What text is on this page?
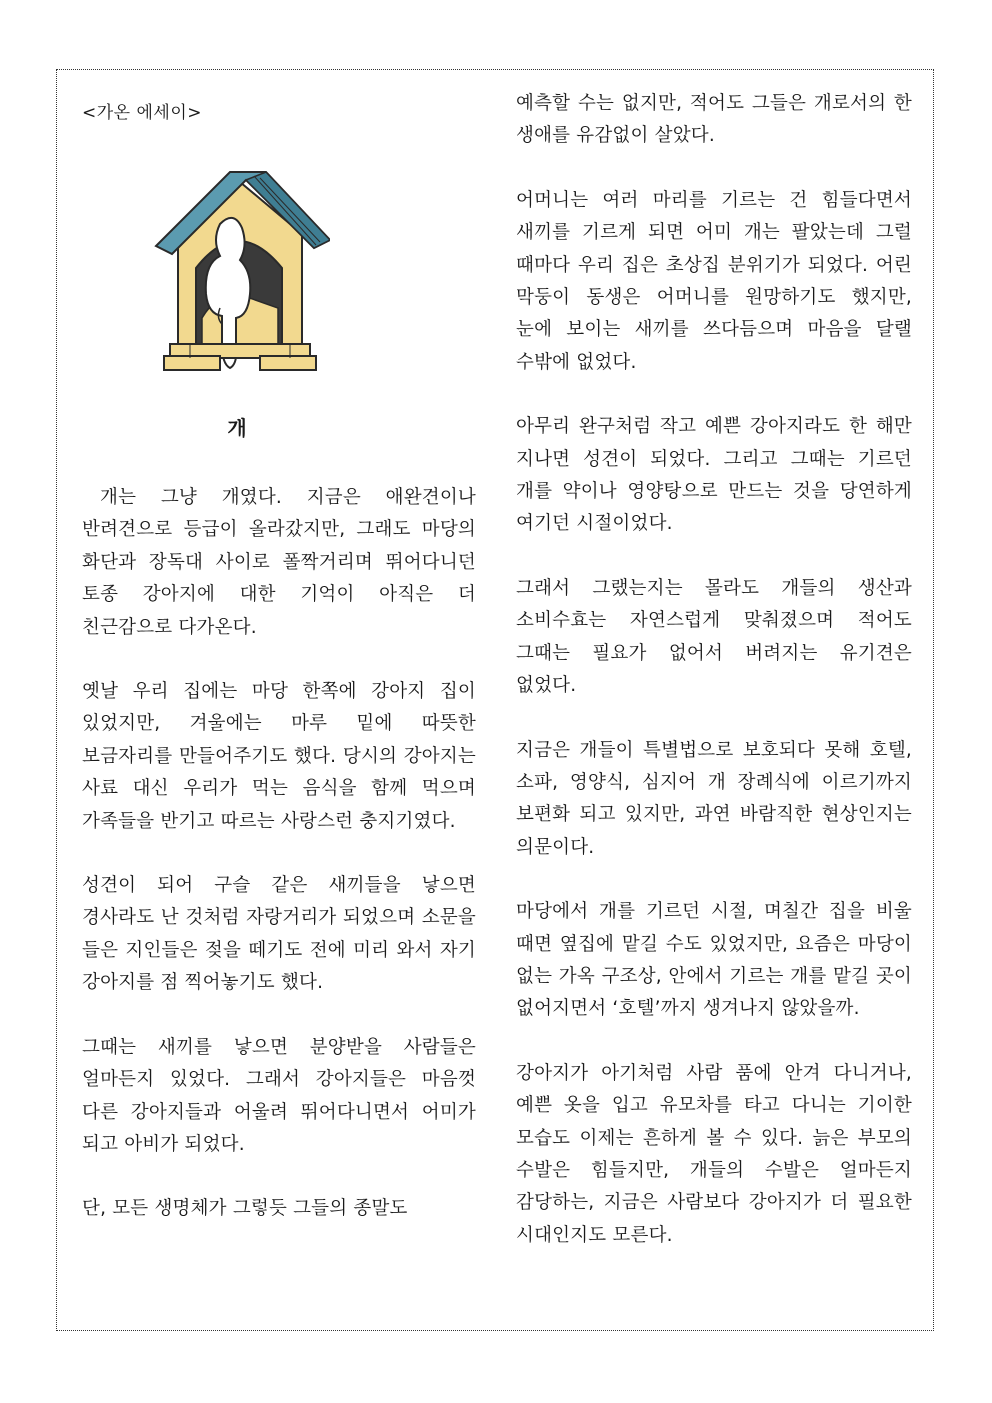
<가온 에세이>
개

개는 그냥 개였다. 지금은 애완견이나 반려견으로 등급이 올라갔지만, 그래도 마당의 화단과 장독대 사이로 폴짝거리며 뛰어다니던 토종 강아지에 대한 기억이 아직은 더 친근감으로 다가온다.

옛날 우리 집에는 마당 한쪽에 강아지 집이 있었지만, 겨울에는 마루 밑에 따뜻한 보금자리를 만들어주기도 했다. 당시의 강아지는 사료 대신 우리가 먹는 음식을 함께 먹으며 가족들을 반기고 따르는 사랑스런 충지기였다.

성견이 되어 구슬 같은 새끼들을 낳으면 경사라도 난 것처럼 자랑거리가 되었으며 소문을 들은 지인들은 젖을 떼기도 전에 미리 와서 자기 강아지를 점 찍어놓기도 했다.

그때는 새끼를 낳으면 분양받을 사람들은 얼마든지 있었다. 그래서 강아지들은 마음껏 다른 강아지들과 어울려 뛰어다니면서 어미가 되고 아비가 되었다.

단, 모든 생명체가 그렇듯 그들의 종말도

예측할 수는 없지만, 적어도 그들은 개로서의 한 생애를 유감없이 살았다.

어머니는 여러 마리를 기르는 건 힘들다면서 새끼를 기르게 되면 어미 개는 팔았는데 그럴 때마다 우리 집은 초상집 분위기가 되었다. 어린 막둥이 동생은 어머니를 원망하기도 했지만, 눈에 보이는 새끼를 쓰다듬으며 마음을 달랠 수밖에 없었다.

아무리 완구처럼 작고 예쁜 강아지라도 한 해만 지나면 성견이 되었다. 그리고 그때는 기르던 개를 약이나 영양탕으로 만드는 것을 당연하게 여기던 시절이었다.

그래서 그랬는지는 몰라도 개들의 생산과 소비수효는 자연스럽게 맞춰졌으며 적어도 그때는 필요가 없어서 버려지는 유기견은 없었다.

지금은 개들이 특별법으로 보호되다 못해 호텔, 소파, 영양식, 심지어 개 장례식에 이르기까지 보편화 되고 있지만, 과연 바람직한 현상인지는 의문이다.

마당에서 개를 기르던 시절, 며칠간 집을 비울 때면 옆집에 맡길 수도 있었지만, 요즘은 마당이 없는 가옥 구조상, 안에서 기르는 개를 맡길 곳이 없어지면서 ‘호텔’까지 생겨나지 않았을까.

강아지가 아기처럼 사람 품에 안겨 다니거나, 예쁜 옷을 입고 유모차를 타고 다니는 기이한 모습도 이제는 흔하게 볼 수 있다. 늙은 부모의 수발은 힘들지만, 개들의 수발은 얼마든지 감당하는, 지금은 사람보다 강아지가 더 필요한 시대인지도 모른다.
